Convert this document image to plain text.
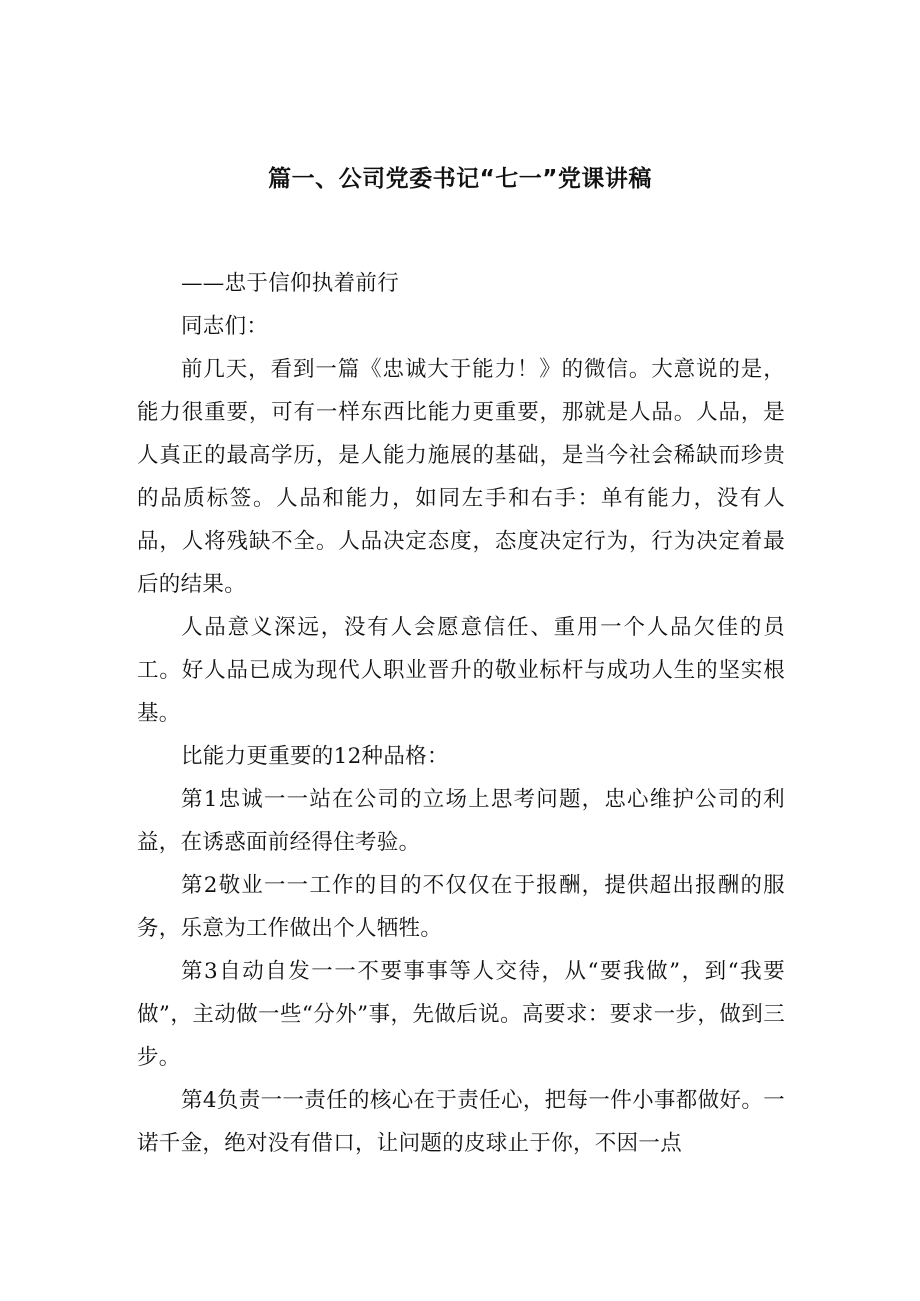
篇一、公司党委书记“七一”党课讲稿

——忠于信仰执着前行

同志们：

前几天，看到一篇《忠诚大于能力！》的微信。大意说的是，能力很重要，可有一样东西比能力更重要，那就是人品。人品，是人真正的最高学历，是人能力施展的基础，是当今社会稀缺而珍贵的品质标签。人品和能力，如同左手和右手：单有能力，没有人品，人将残缺不全。人品决定态度，态度决定行为，行为决定着最后的结果。

人品意义深远，没有人会愿意信任、重用一个人品欠佳的员工。好人品已成为现代人职业晋升的敬业标杆与成功人生的坚实根基。

比能力更重要的12种品格：

第1忠诚一一站在公司的立场上思考问题，忠心维护公司的利益，在诱惑面前经得住考验。

第2敬业一一工作的目的不仅仅在于报酬，提供超出报酬的服务，乐意为工作做出个人牺牲。

第3自动自发一一不要事事等人交待，从“要我做”，到“我要做”，主动做一些“分外”事，先做后说。高要求：要求一步，做到三步。

第4负责一一责任的核心在于责任心，把每一件小事都做好。一诺千金，绝对没有借口，让问题的皮球止于你，不因一点
